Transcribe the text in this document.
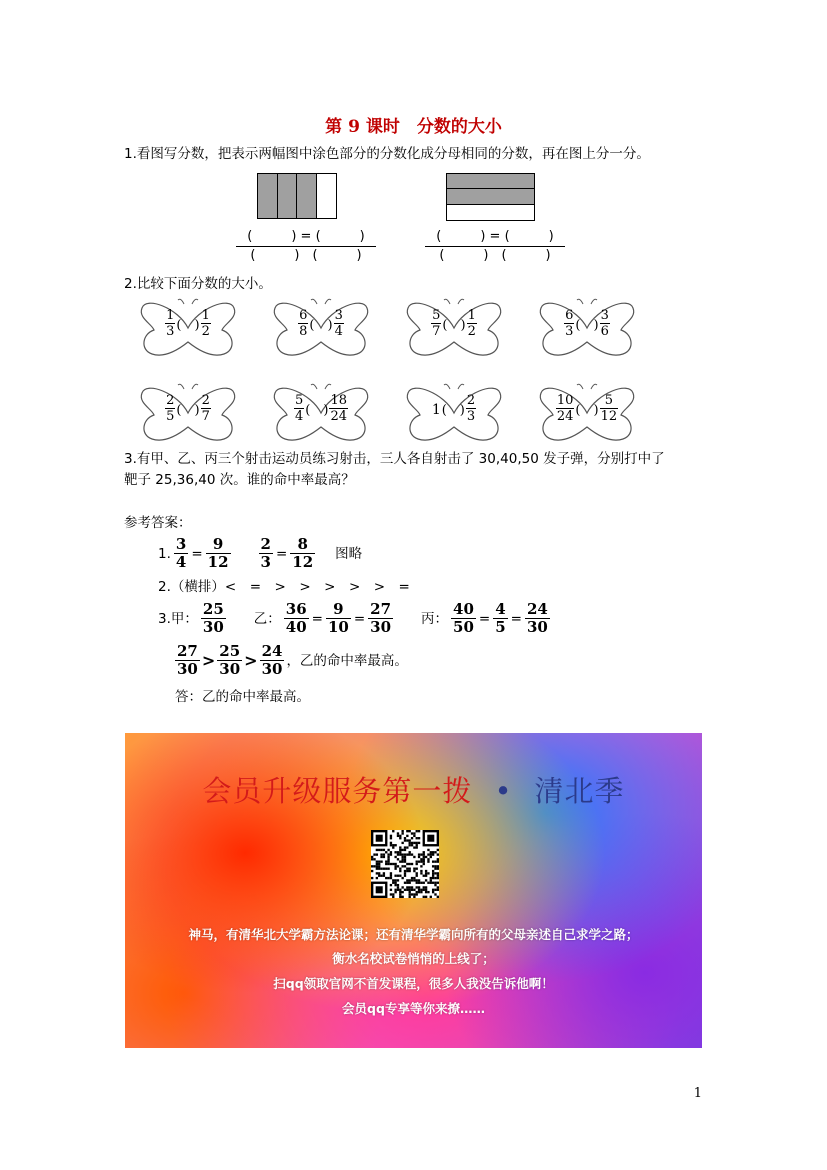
第 9 课时　分数的大小
1.看图写分数，把表示两幅图中涂色部分的分数化成分母相同的分数，再在图上分一分。
(　　　) = (　　　)
(　　　)　(　　　)
(　　　) = (　　　)
(　　　)　(　　　)
2.比较下面分数的大小。
$\frac{1}{3}$ (　) $\frac{1}{2}$	$\frac{6}{8}$ (　) $\frac{3}{4}$	$\frac{5}{7}$ (　) $\frac{1}{2}$	$\frac{6}{3}$ (　) $\frac{3}{6}$
$\frac{2}{5}$ (　) $\frac{2}{7}$	$\frac{5}{4}$ (　) $\frac{18}{24}$	1 (　) $\frac{2}{3}$	$\frac{10}{24}$ (　) $\frac{5}{12}$
3.有甲、乙、丙三个射击运动员练习射击，三人各自射击了 30,40,50 发子弹，分别打中了
靶子 25,36,40 次。谁的命中率最高？
参考答案：
1. $\frac{3}{4} = \frac{9}{12} \frac{2}{3} = \frac{8}{12}$ 图略
2.（横排）<　=　>　>　>　>　>　=
3.甲：
25
30 乙： $\frac{36}{40} = \frac{9}{10} = \frac{27}{30}$ 丙： $\frac{40}{50} = \frac{4}{5} = \frac{24}{30}$
27
30 > 25
30 > 24
30 ，乙的命中率最高。
答：乙的命中率最高。
会员升级服务第一拨 • 清北季
神马，有清华北大学霸方法论课；还有清华学霸向所有的父母亲述自己求学之路；
衡水名校试卷悄悄的上线了；
扫qq领取官网不首发课程，很多人我没告诉他啊！
会员qq专享等你来撩……
1
